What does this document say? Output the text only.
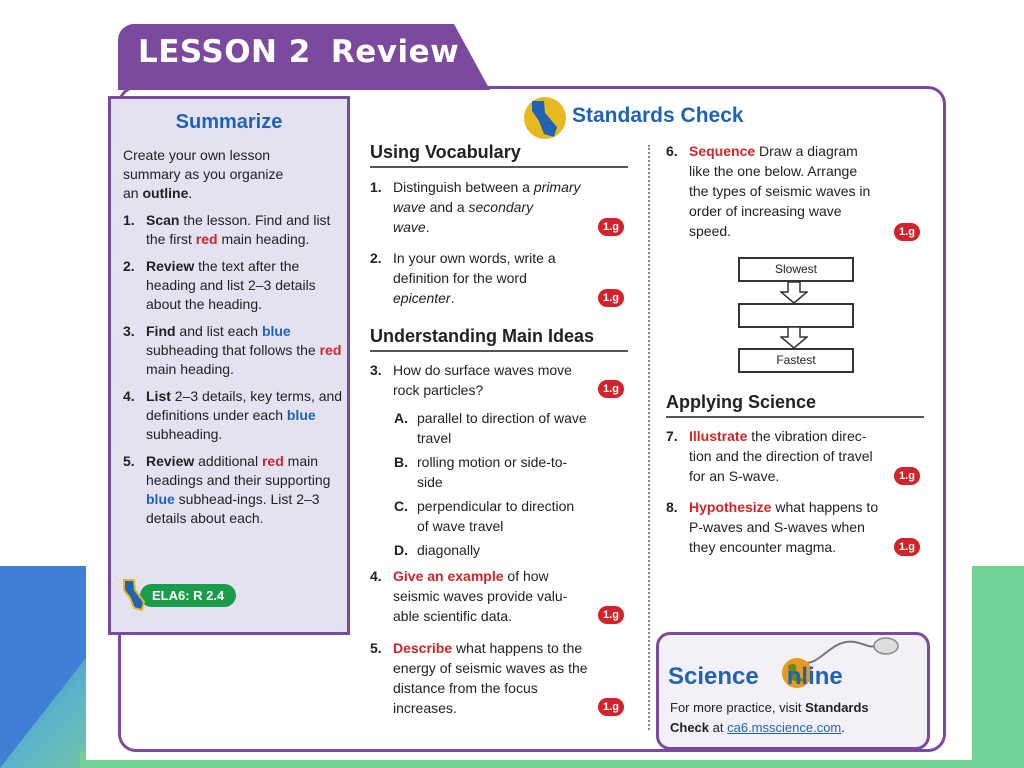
LESSON 2 Review
Summarize
Create your own lesson
summary as you organize
an outline.
1. Scan the lesson. Find and list the first red main heading.
2. Review the text after the heading and list 2–3 details about the heading.
3. Find and list each blue subheading that follows the red main heading.
4. List 2–3 details, key terms, and definitions under each blue subheading.
5. Review additional red main headings and their supporting blue subhead-ings. List 2–3 details about each.
ELA6: R 2.4
Standards Check
Using Vocabulary
1. Distinguish between a primary
wave and a secondary
wave.	1.g
2. In your own words, write a
definition for the word
epicenter.	1.g
Understanding Main Ideas
3. How do surface waves move
rock particles?	1.g
A. parallel to direction of wave
travel
B. rolling motion or side-to-
side
C. perpendicular to direction
of wave travel
D. diagonally
4. Give an example of how
seismic waves provide valu-
able scientific data.	1.g
5. Describe what happens to the
energy of seismic waves as the
distance from the focus
increases.	1.g
6. Sequence Draw a diagram
like the one below. Arrange
the types of seismic waves in
order of increasing wave
speed.	1.g
Slowest
Fastest
Applying Science
7. Illustrate the vibration direc-
tion and the direction of travel
for an S-wave.	1.g
8. Hypothesize what happens to
P-waves and S-waves when
they encounter magma.	1.g
Science nline
For more practice, visit Standards
Check at ca6.msscience.com.
